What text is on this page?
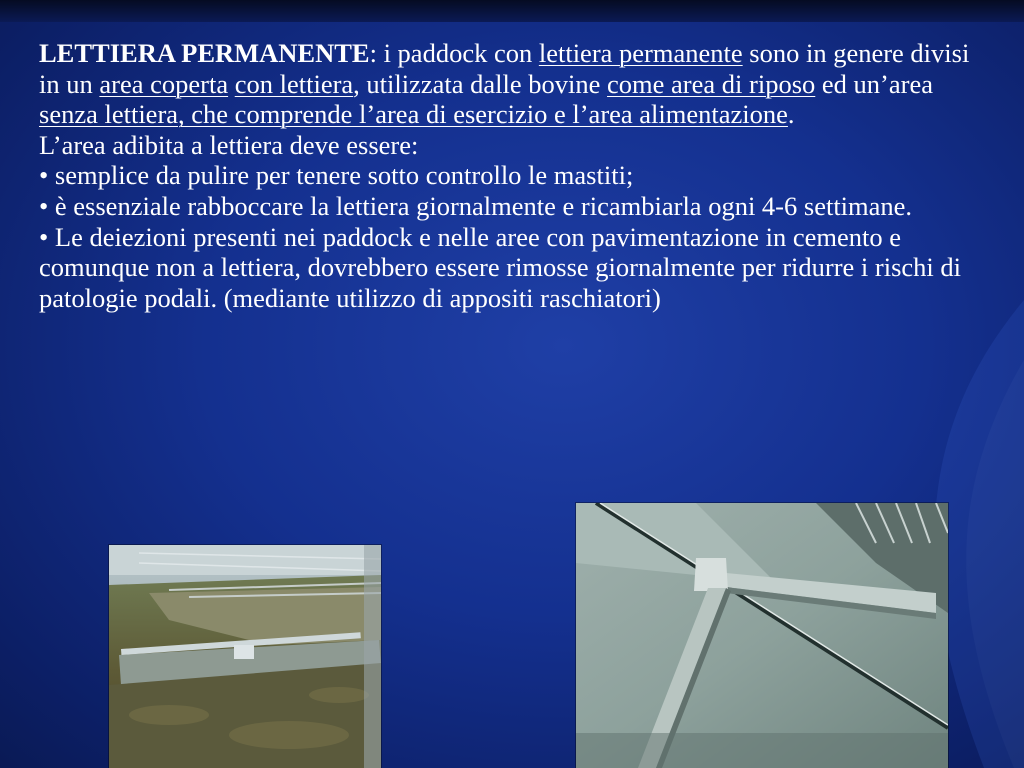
LETTIERA PERMANENTE: i paddock con lettiera permanente sono in genere divisi in un area coperta con lettiera, utilizzata dalle bovine come area di riposo ed un’area senza lettiera, che comprende l’area di esercizio e l’area alimentazione.

L’area adibita a lettiera deve essere:

• semplice da pulire per tenere sotto controllo le mastiti;

• è essenziale rabboccare la lettiera giornalmente e ricambiarla ogni 4-6 settimane.

• Le deiezioni presenti nei paddock e nelle aree con pavimentazione in cemento e comunque non a lettiera, dovrebbero essere rimosse giornalmente per ridurre i rischi di patologie podali. (mediante utilizzo di appositi raschiatori)
